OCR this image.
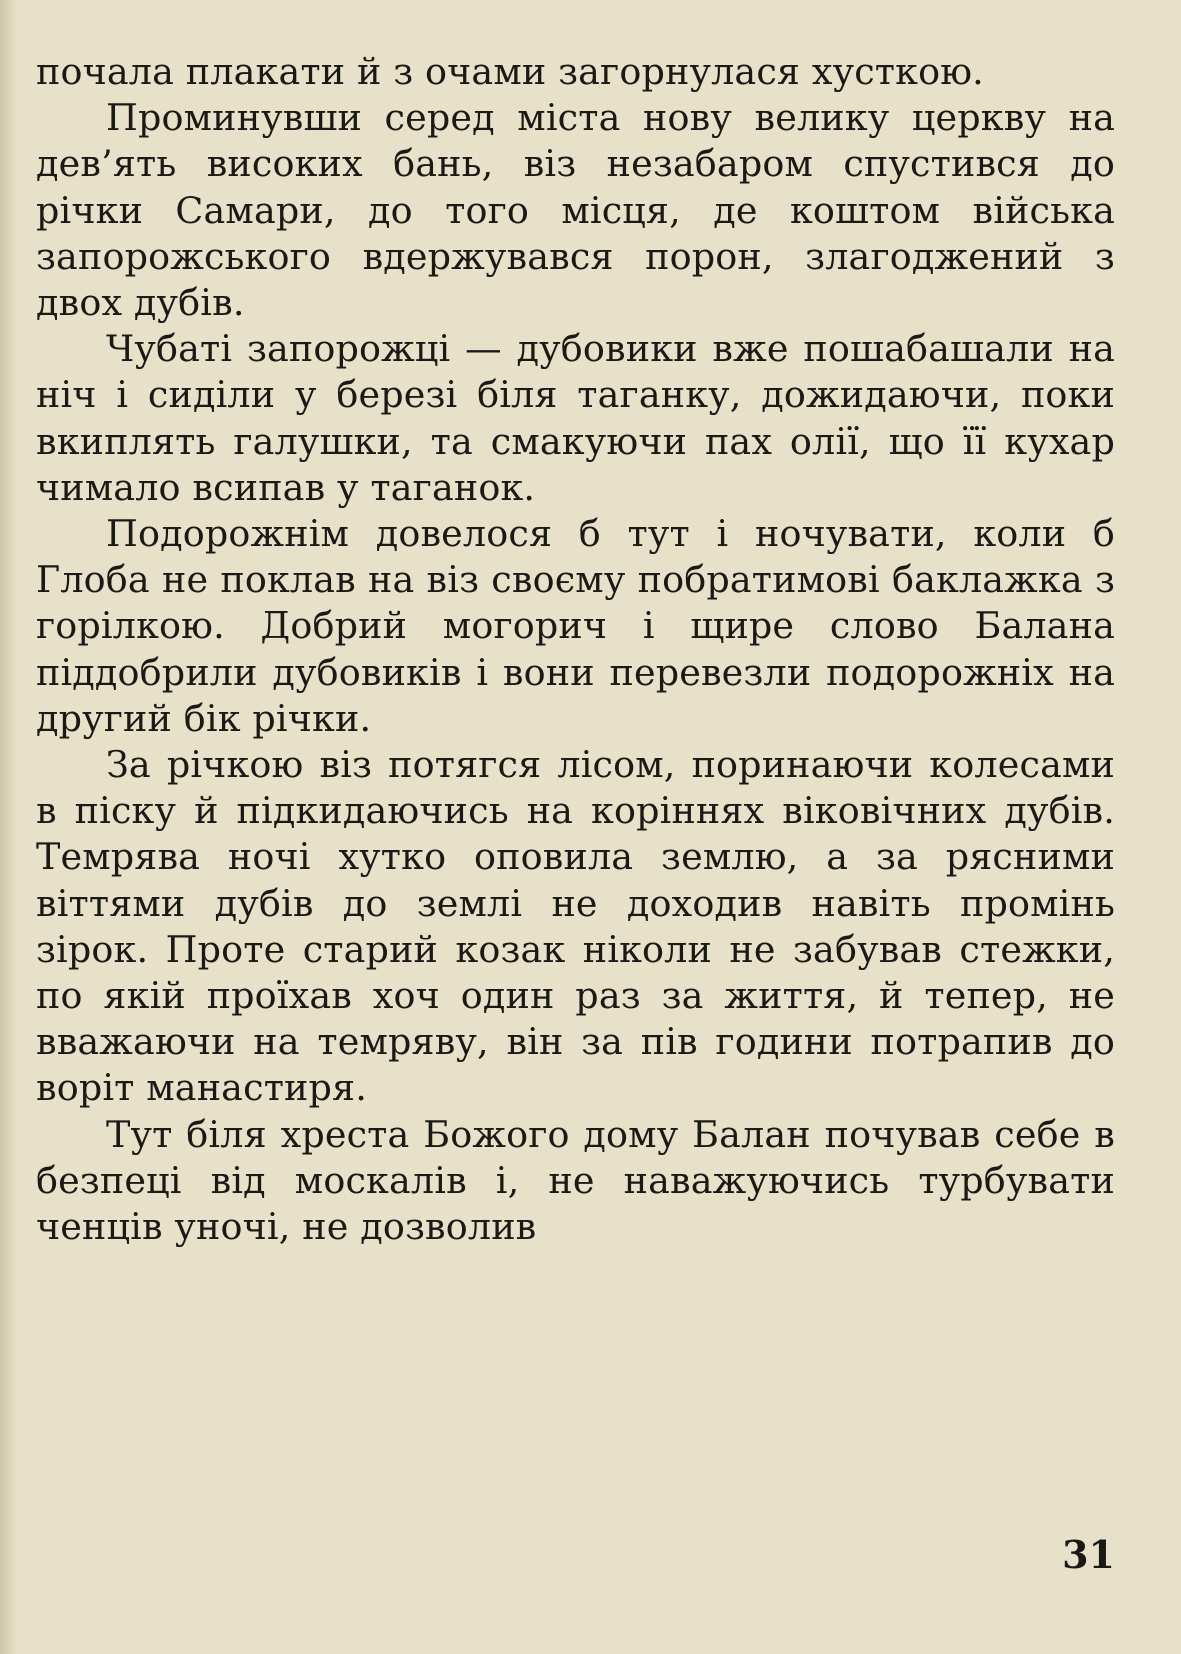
почала плакати й з очами загорнулася хусткою.

Проминувши серед міста нову велику церкву на дев’ять високих бань, віз незабаром спустився до річки Самари, до того місця, де коштом війська запорожського вдержувався порон, злагоджений з двох дубів.

Чубаті запорожці — дубовики вже пошабашали на ніч і сиділи у березі біля таганку, дожидаючи, поки вкиплять галушки, та смакуючи пах олії, що її кухар чимало всипав у таганок.

Подорожнім довелося б тут і ночувати, коли б Глоба не поклав на віз своєму побратимові баклажка з горілкою. Добрий могорич і щире слово Балана піддобрили дубовиків і вони перевезли подорожніх на другий бік річки.

За річкою віз потягся лісом, поринаючи колесами в піску й підкидаючись на коріннях віковічних дубів. Темрява ночі хутко оповила землю, а за рясними віттями дубів до землі не доходив навіть промінь зірок. Проте старий козак ніколи не забував стежки, по якій проїхав хоч один раз за життя, й тепер, не вважаючи на темряву, він за пів години потрапив до воріт манастиря.

Тут біля хреста Божого дому Балан почував себе в безпеці від москалів і, не наважуючись турбувати ченців уночі, не дозволив

31
